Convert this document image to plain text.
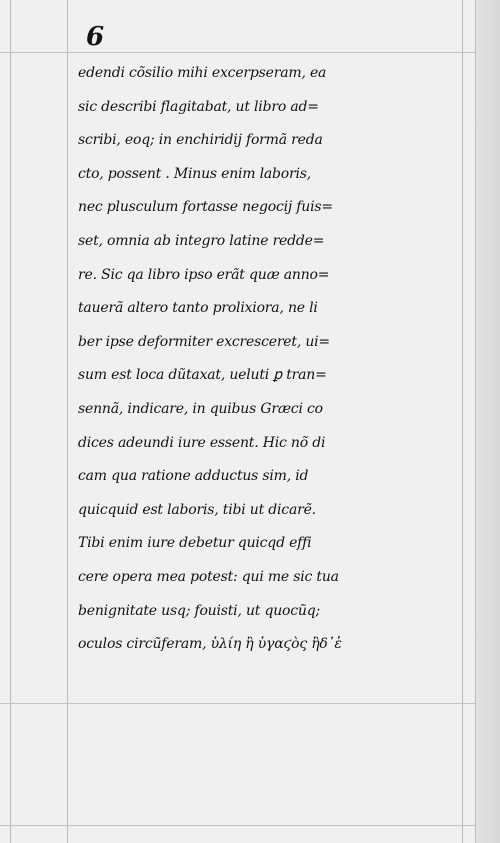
6
edendi cõsilio mihi excerpseram, ea
sic describi flagitabat, ut libro ad=
scribi, eoq; in enchiridij formã reda
cto, possent . Minus enim laboris,
nec plusculum fortasse negocij fuis=
set, omnia ab integro latine redde=
re. Sic qa libro ipso erãt quæ anno=
tauerã altero tanto prolixiora, ne li
ber ipse deformiter excresceret, ui=
sum est loca dũtaxat, ueluti ꝑ tran=
sennã, indicare, in quibus Græci co
dices adeundi iure essent. Hic nõ di
cam qua ratione adductus sim, id
quicquid est laboris, tibi ut dicarẽ.
Tibi enim iure debetur quicqd effi
cere opera mea potest: qui me sic tua
benignitate usq; fouisti, ut quocũq;
oculos circũferam, ὑλίη ἢ ὑγαϛὸς ἢδ᾽ἑ
